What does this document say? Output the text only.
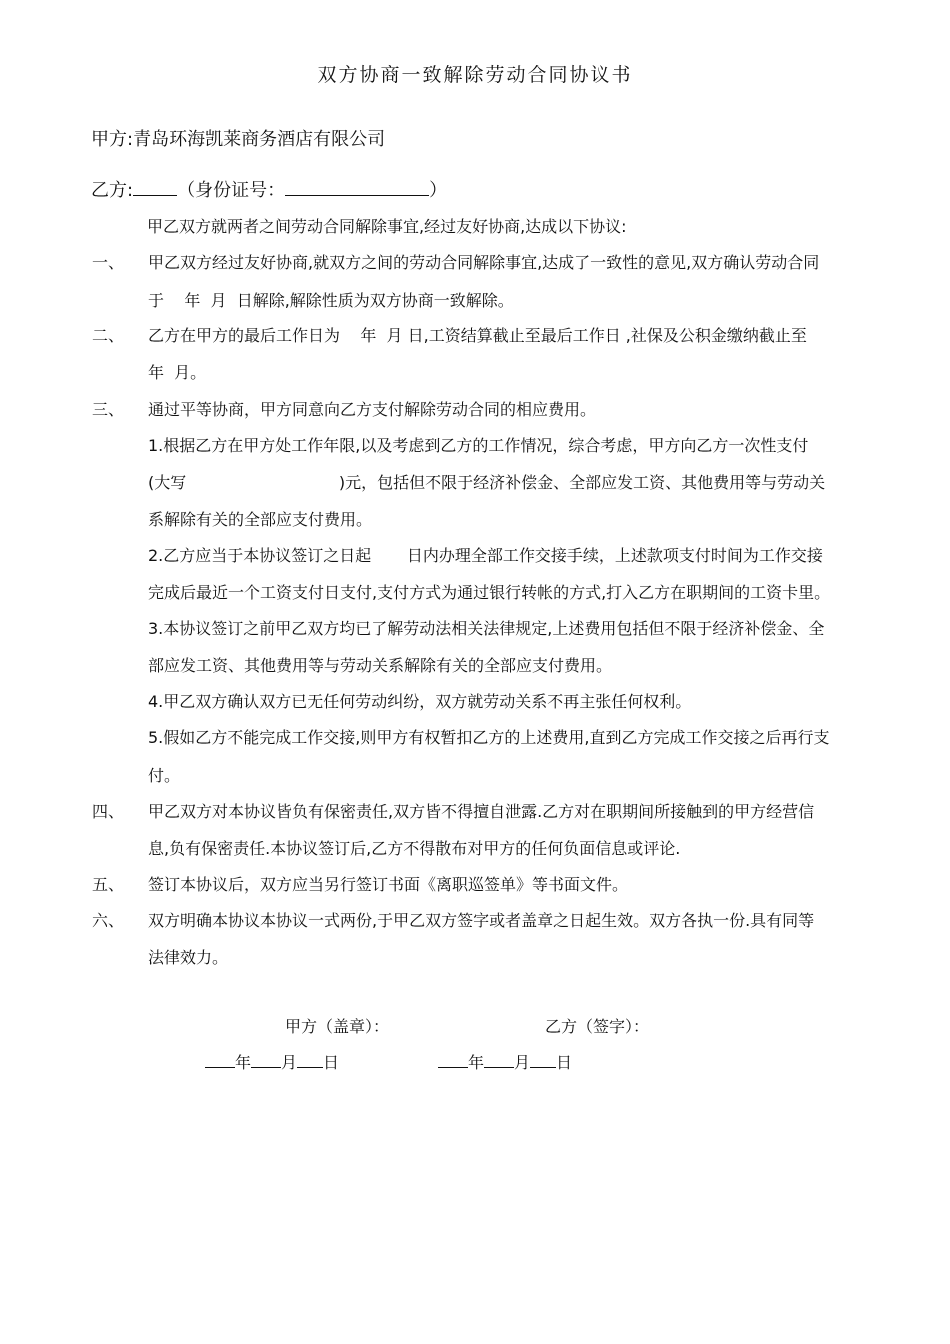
双方协商一致解除劳动合同协议书
甲方:青岛环海凯莱商务酒店有限公司
乙方: （身份证号：	）
甲乙双方就两者之间劳动合同解除事宜,经过友好协商,达成以下协议:
一、 甲乙双方经过友好协商,就双方之间的劳动合同解除事宜,达成了一致性的意见,双方确认劳动合同
于    年  月  日解除,解除性质为双方协商一致解除。
二、 乙方在甲方的最后工作日为    年  月 日,工资结算截止至最后工作日 ,社保及公积金缴纳截止至
年  月。
三、 通过平等协商，甲方同意向乙方支付解除劳动合同的相应费用。
1.根据乙方在甲方处工作年限,以及考虑到乙方的工作情况，综合考虑，甲方向乙方一次性支付
(大写                              )元，包括但不限于经济补偿金、全部应发工资、其他费用等与劳动关
系解除有关的全部应支付费用。
2.乙方应当于本协议签订之日起       日内办理全部工作交接手续，上述款项支付时间为工作交接
完成后最近一个工资支付日支付,支付方式为通过银行转帐的方式,打入乙方在职期间的工资卡里。
3.本协议签订之前甲乙双方均已了解劳动法相关法律规定,上述费用包括但不限于经济补偿金、全
部应发工资、其他费用等与劳动关系解除有关的全部应支付费用。
4.甲乙双方确认双方已无任何劳动纠纷，双方就劳动关系不再主张任何权利。
5.假如乙方不能完成工作交接,则甲方有权暂扣乙方的上述费用,直到乙方完成工作交接之后再行支
付。
四、 甲乙双方对本协议皆负有保密责任,双方皆不得擅自泄露.乙方对在职期间所接触到的甲方经营信
息,负有保密责任.本协议签订后,乙方不得散布对甲方的任何负面信息或评论.
五、 签订本协议后，双方应当另行签订书面《离职巡签单》等书面文件。
六、 双方明确本协议本协议一式两份,于甲乙双方签字或者盖章之日起生效。双方各执一份.具有同等
法律效力。
甲方（盖章）：	乙方（签字）：
年 月 日	年 月 日
